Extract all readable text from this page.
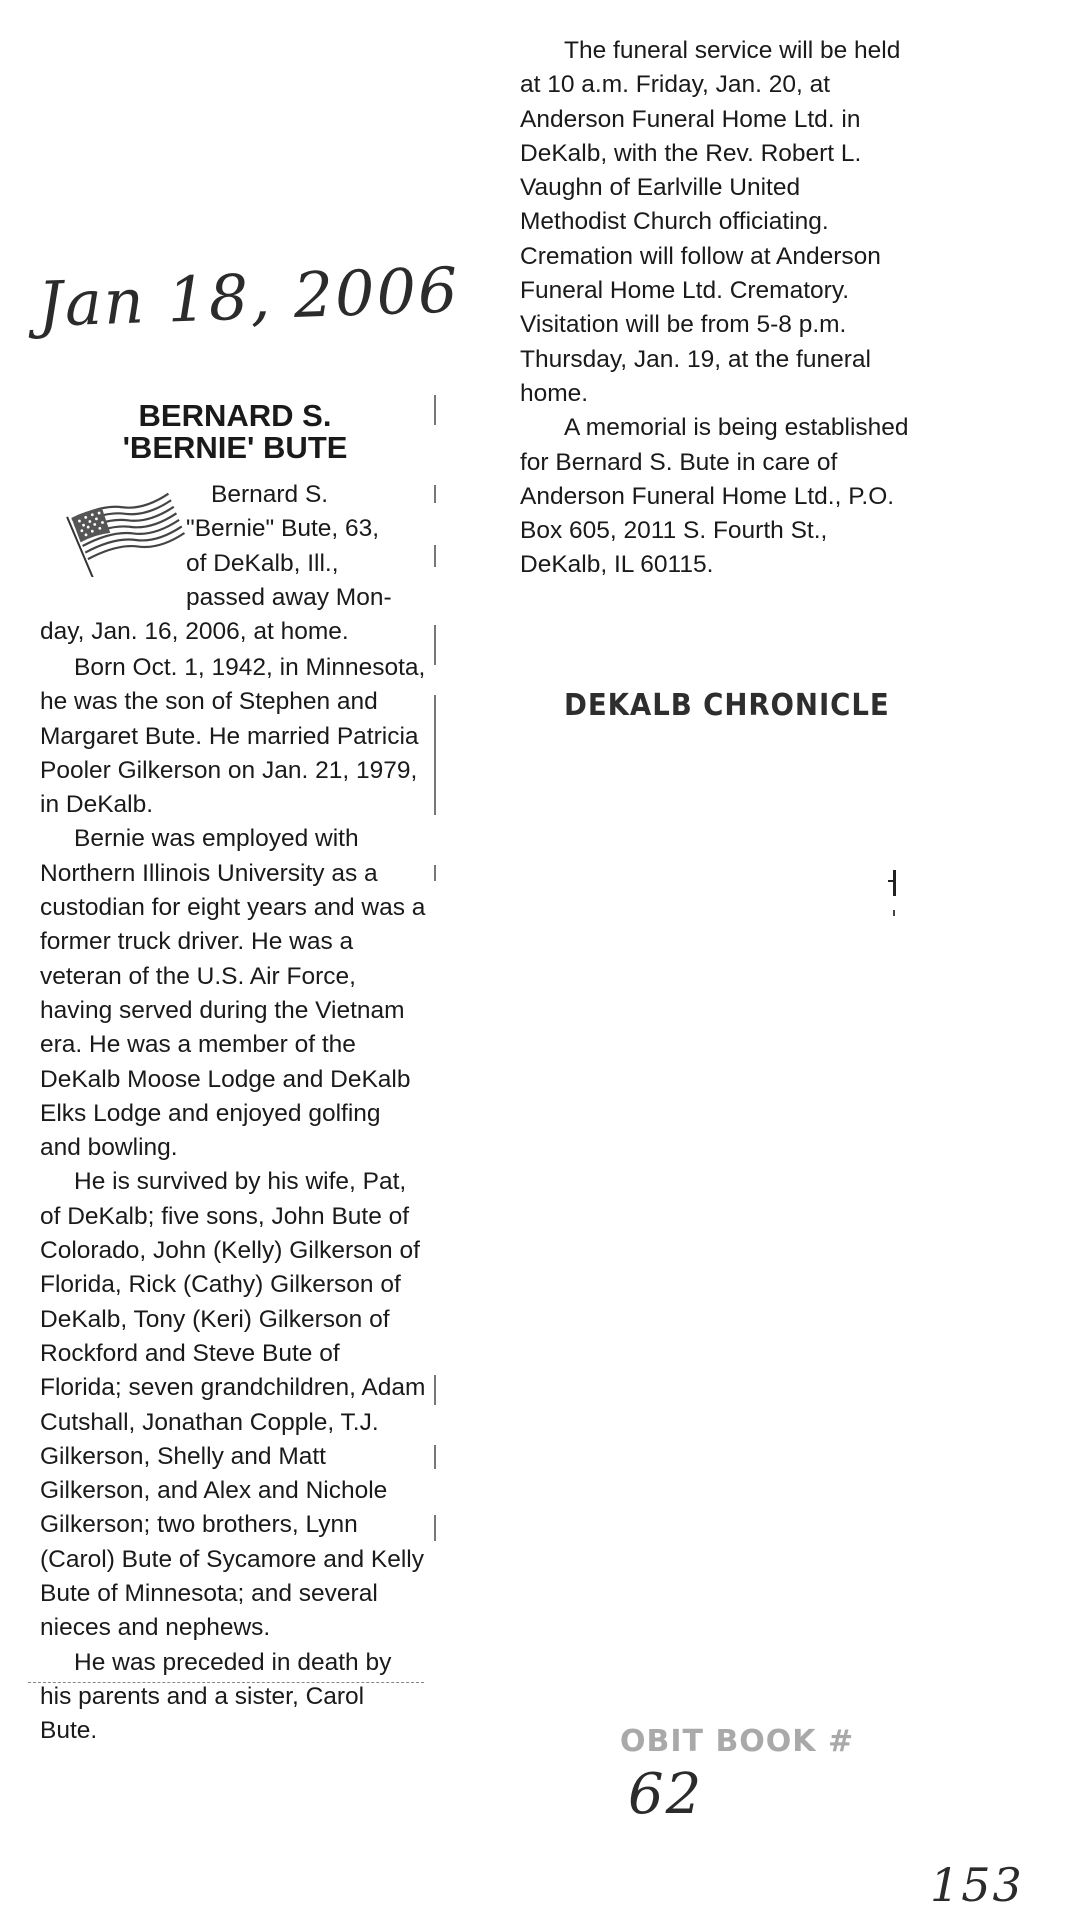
Jan 18, 2006
BERNARD S.
'BERNIE' BUTE
Bernard S.
"Bernie" Bute, 63,
of DeKalb, Ill.,
passed away Mon-
day, Jan. 16, 2006, at home.

Born Oct. 1, 1942, in Minnesota, he was the son of Stephen and Margaret Bute. He married Patricia Pooler Gilkerson on Jan. 21, 1979, in DeKalb.

Bernie was employed with Northern Illinois University as a custodian for eight years and was a former truck driver. He was a veteran of the U.S. Air Force, having served during the Vietnam era. He was a member of the DeKalb Moose Lodge and DeKalb Elks Lodge and enjoyed golfing and bowling.

He is survived by his wife, Pat, of DeKalb; five sons, John Bute of Colorado, John (Kelly) Gilkerson of Florida, Rick (Cathy) Gilkerson of DeKalb, Tony (Keri) Gilkerson of Rockford and Steve Bute of Florida; seven grandchildren, Adam Cutshall, Jonathan Copple, T.J. Gilkerson, Shelly and Matt Gilkerson, and Alex and Nichole Gilkerson; two brothers, Lynn (Carol) Bute of Sycamore and Kelly Bute of Minnesota; and several nieces and nephews.

He was preceded in death by his parents and a sister, Carol Bute.

The funeral service will be held at 10 a.m. Friday, Jan. 20, at Anderson Funeral Home Ltd. in DeKalb, with the Rev. Robert L. Vaughn of Earlville United Methodist Church officiating. Cremation will follow at Anderson Funeral Home Ltd. Crematory. Visitation will be from 5-8 p.m. Thursday, Jan. 19, at the funeral home.

A memorial is being established for Bernard S. Bute in care of Anderson Funeral Home Ltd., P.O. Box 605, 2011 S. Fourth St., DeKalb, IL 60115.

DEKALB CHRONICLE
OBIT BOOK #
62
153
